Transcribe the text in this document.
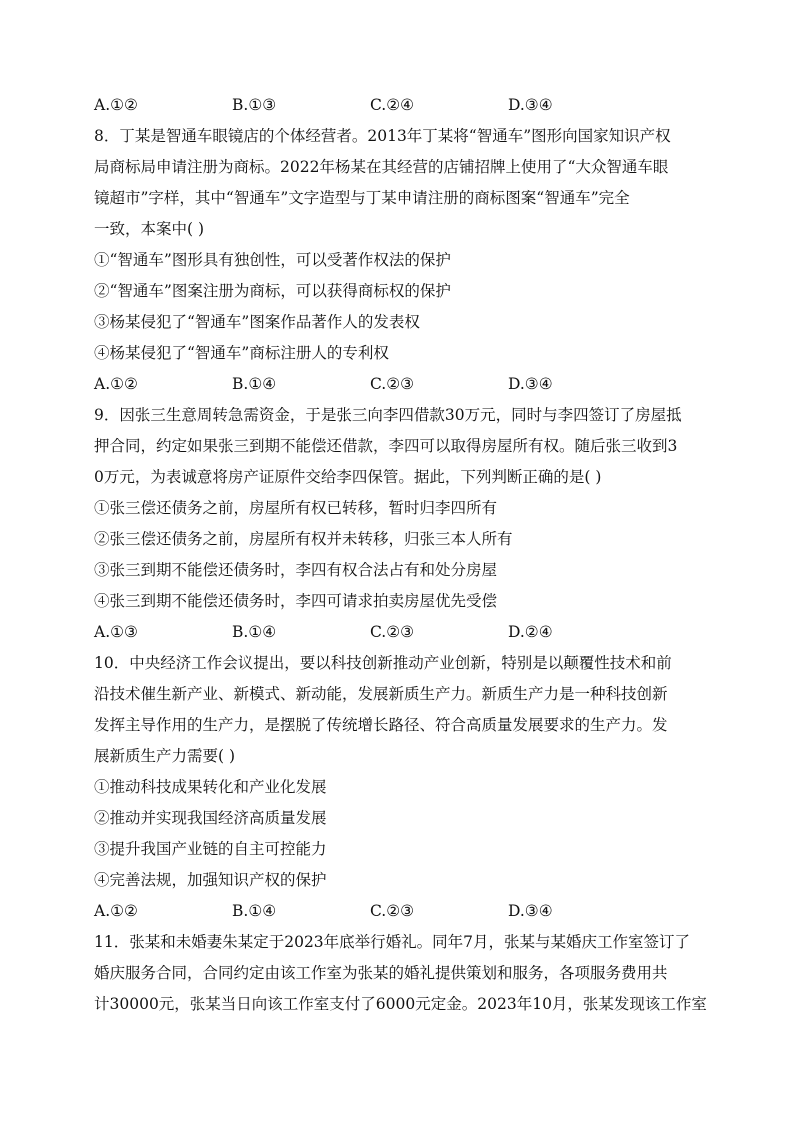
A.①②	B.①③	C.②④	D.③④
8．丁某是智通车眼镜店的个体经营者。2013年丁某将“智通车”图形向国家知识产权
局商标局申请注册为商标。2022年杨某在其经营的店铺招牌上使用了“大众智通车眼
镜超市”字样，其中“智通车”文字造型与丁某申请注册的商标图案“智通车”完全
一致，本案中( )
①“智通车”图形具有独创性，可以受著作权法的保护
②“智通车”图案注册为商标，可以获得商标权的保护
③杨某侵犯了“智通车”图案作品著作人的发表权
④杨某侵犯了“智通车”商标注册人的专利权
A.①②	B.①④	C.②③	D.③④
9．因张三生意周转急需资金，于是张三向李四借款30万元，同时与李四签订了房屋抵
押合同，约定如果张三到期不能偿还借款，李四可以取得房屋所有权。随后张三收到3
0万元，为表诚意将房产证原件交给李四保管。据此，下列判断正确的是( )
①张三偿还债务之前，房屋所有权已转移，暂时归李四所有
②张三偿还债务之前，房屋所有权并未转移，归张三本人所有
③张三到期不能偿还债务时，李四有权合法占有和处分房屋
④张三到期不能偿还债务时，李四可请求拍卖房屋优先受偿
A.①③	B.①④	C.②③	D.②④
10．中央经济工作会议提出，要以科技创新推动产业创新，特别是以颠覆性技术和前
沿技术催生新产业、新模式、新动能，发展新质生产力。新质生产力是一种科技创新
发挥主导作用的生产力，是摆脱了传统增长路径、符合高质量发展要求的生产力。发
展新质生产力需要( )
①推动科技成果转化和产业化发展
②推动并实现我国经济高质量发展
③提升我国产业链的自主可控能力
④完善法规，加强知识产权的保护
A.①②	B.①④	C.②③	D.③④
11．张某和未婚妻朱某定于2023年底举行婚礼。同年7月，张某与某婚庆工作室签订了
婚庆服务合同，合同约定由该工作室为张某的婚礼提供策划和服务，各项服务费用共
计30000元，张某当日向该工作室支付了6000元定金。2023年10月，张某发现该工作室
